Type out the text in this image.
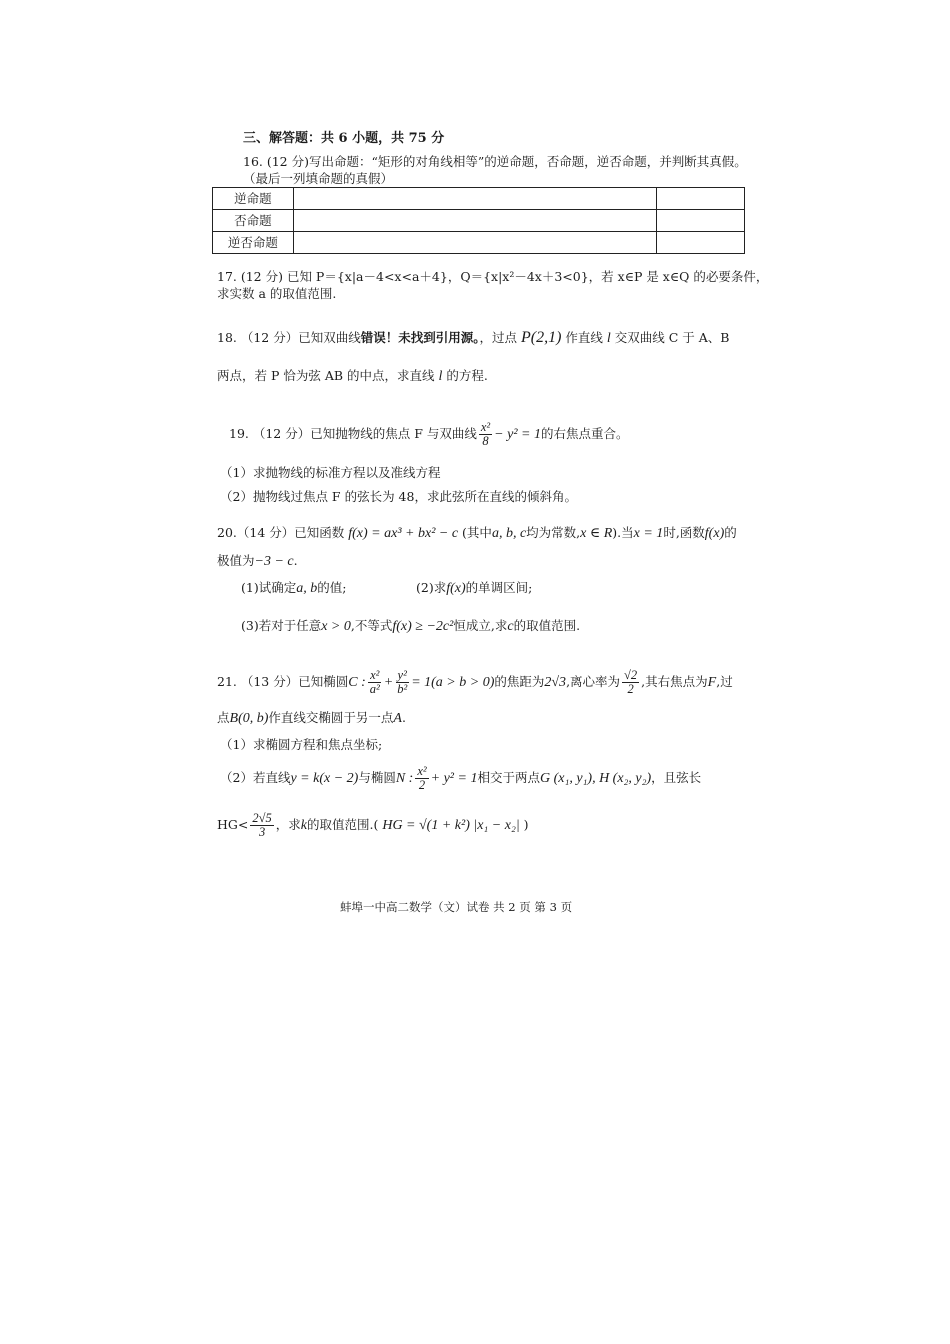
三、解答题：共 6 小题，共 75 分
16. (12 分)写出命题：“矩形的对角线相等”的逆命题，否命题，逆否命题，并判断其真假。
（最后一列填命题的真假）
逆命题		
否命题		
逆否命题		
17. (12 分) 已知 P＝{x|a－4<x<a＋4}，Q＝{x|x²－4x＋3<0}，若 x∈P 是 x∈Q 的必要条件，
求实数 a 的取值范围.
18. （12 分）已知双曲线错误！未找到引用源。，过点 P(2,1) 作直线 l 交双曲线 C 于 A、B
两点，若 P 恰为弦 AB 的中点，求直线 l 的方程.
19. （12 分）已知抛物线的焦点 F 与双曲线 $\frac{\text{x²}}{8} - y^2 = 1$的右焦点重合。
（1）求抛物线的标准方程以及准线方程
（2）抛物线过焦点 F 的弦长为 48，求此弦所在直线的倾斜角。
20.（14 分）已知函数 f(x) = ax³ + bx² − c (其中a, b, c均为常数,x ∈ R).当x = 1时,函数f(x)的
极值为−3 − c.
(1)试确定a, b的值;	(2)求f(x)的单调区间;
(3)若对于任意x > 0,不等式f(x) ≥ −2c²恒成立,求c的取值范围.
21. （13 分）已知椭圆C : $\frac{\text{x²}}{\text{a²}} + \frac{\text{y²}}{\text{b²}} = 1(a > b > 0)$的焦距为2√3,离心率为 $\frac{√2}{2}$ ,其右焦点为F,过
点B(0, b)作直线交椭圆于另一点A.
（1）求椭圆方程和焦点坐标;
（2）若直线y = k(x − 2)与椭圆N : $\frac{\text{x²}}{2} + y^2 = 1$相交于两点G (x₁, y₁), H (x₂, y₂)，且弦长
$HG< \frac{2√5}{3}$ ，求k的取值范围.( HG = √(1 + k²) |x₁ − x₂| )
蚌埠一中高二数学（文）试卷 共 2 页 第 3 页
